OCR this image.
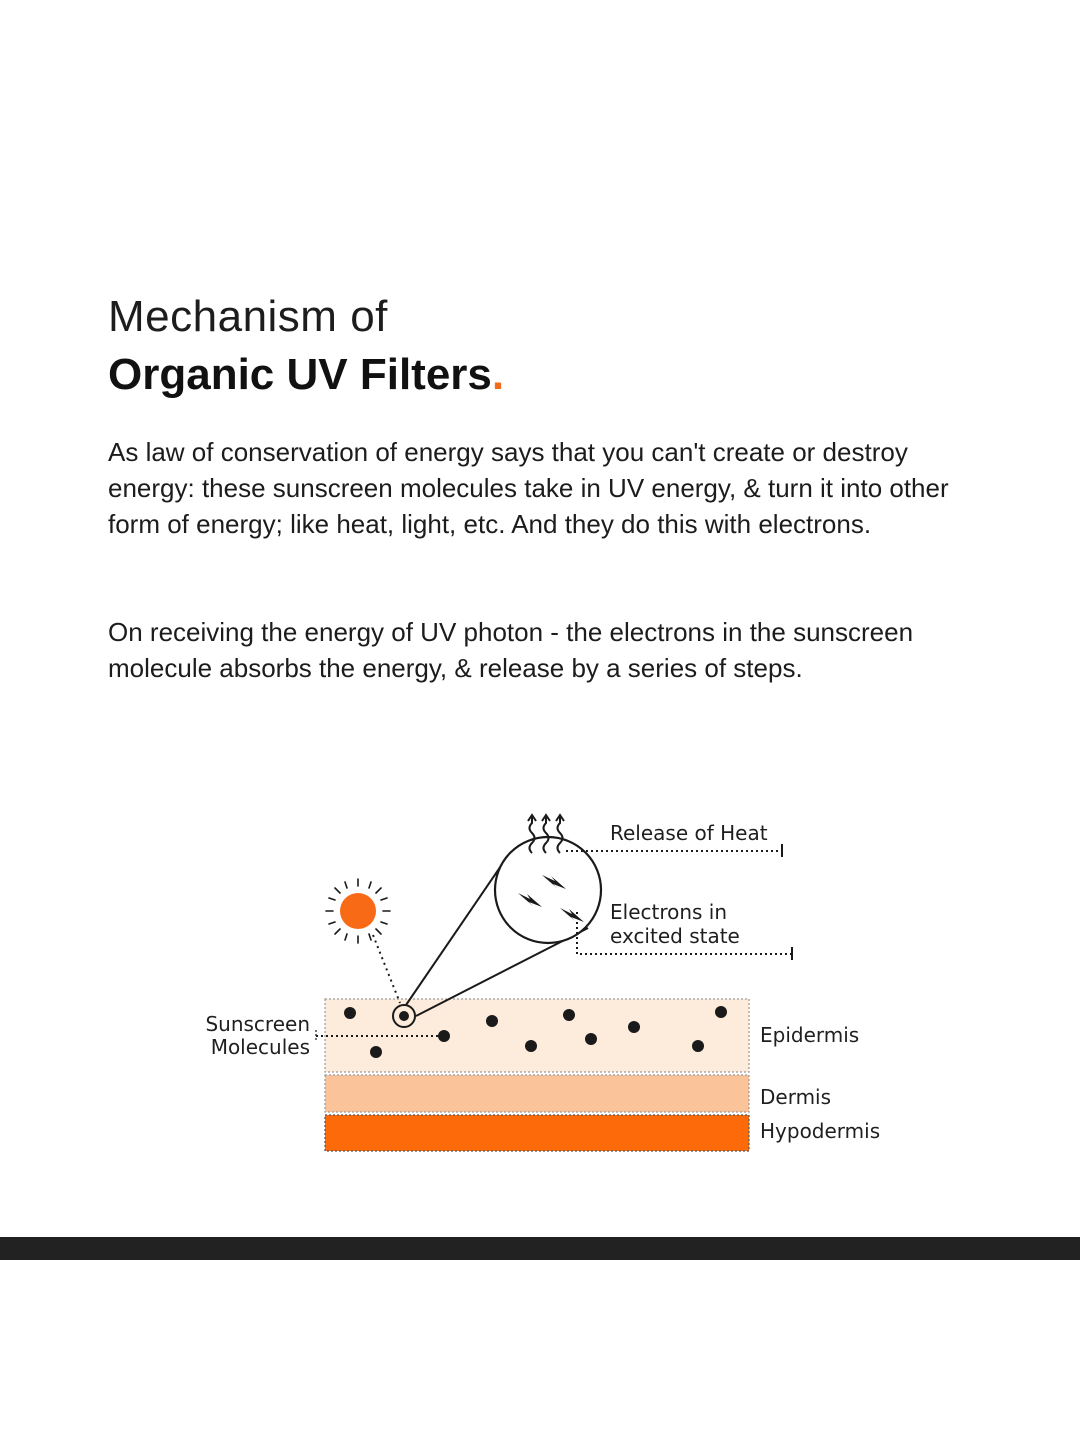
Mechanism of
Organic UV Filters.

As law of conservation of energy says that you can't create or destroy energy: these sunscreen molecules take in UV energy, & turn it into other form of energy; like heat, light, etc. And they do this with electrons.

On receiving the energy of UV photon - the electrons in the sunscreen molecule absorbs the energy, & release by a series of steps.

Release of Heat
Electrons in
excited state
Sunscreen
Molecules	Epidermis
Dermis
Hypodermis
